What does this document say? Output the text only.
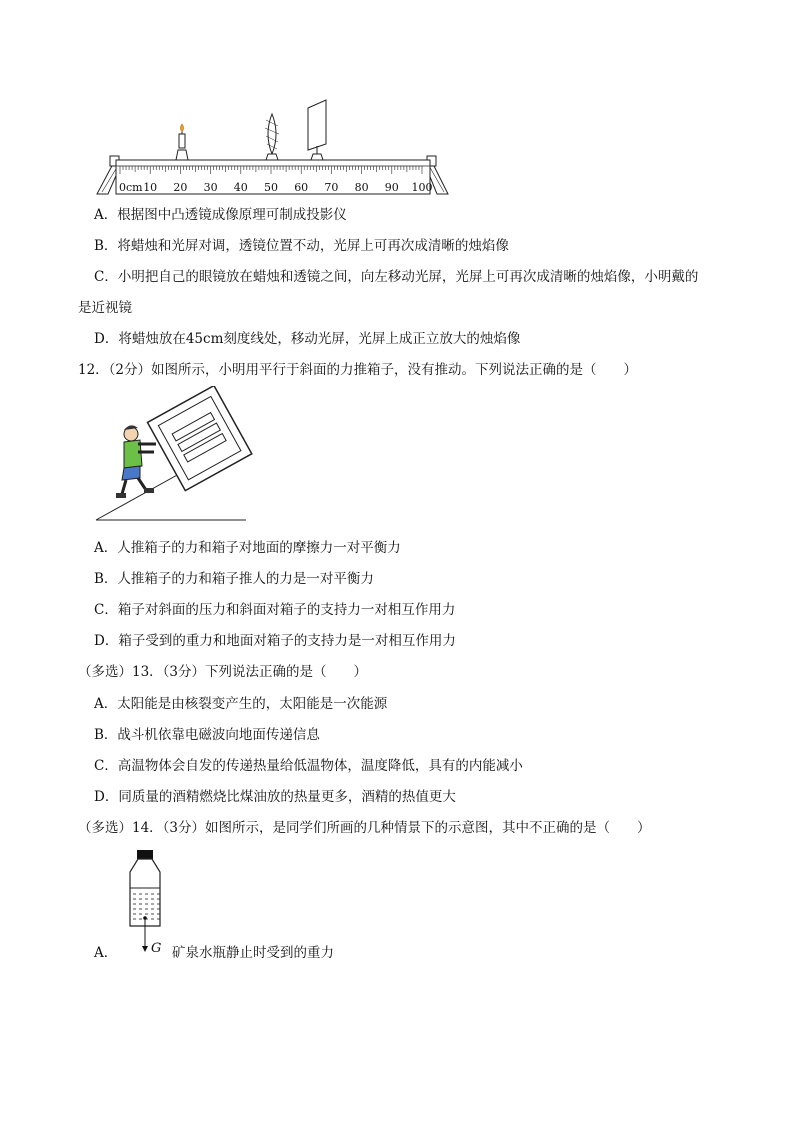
0cm 10 20 30 40 50 60 70 80 90 100
A．根据图中凸透镜成像原理可制成投影仪
B．将蜡烛和光屏对调，透镜位置不动，光屏上可再次成清晰的烛焰像
C．小明把自己的眼镜放在蜡烛和透镜之间，向左移动光屏，光屏上可再次成清晰的烛焰像，小明戴的
是近视镜
D．将蜡烛放在45cm刻度线处，移动光屏，光屏上成正立放大的烛焰像
12．（2分）如图所示，小明用平行于斜面的力推箱子，没有推动。下列说法正确的是（　　）
A．人推箱子的力和箱子对地面的摩擦力一对平衡力
B．人推箱子的力和箱子推人的力是一对平衡力
C．箱子对斜面的压力和斜面对箱子的支持力一对相互作用力
D．箱子受到的重力和地面对箱子的支持力是一对相互作用力
（多选）13．（3分）下列说法正确的是（　　）
A．太阳能是由核裂变产生的，太阳能是一次能源
B．战斗机依靠电磁波向地面传递信息
C．高温物体会自发的传递热量给低温物体，温度降低，具有的内能减小
D．同质量的酒精燃烧比煤油放的热量更多，酒精的热值更大
（多选）14．（3分）如图所示，是同学们所画的几种情景下的示意图，其中不正确的是（　　）
A．	G 矿泉水瓶静止时受到的重力
